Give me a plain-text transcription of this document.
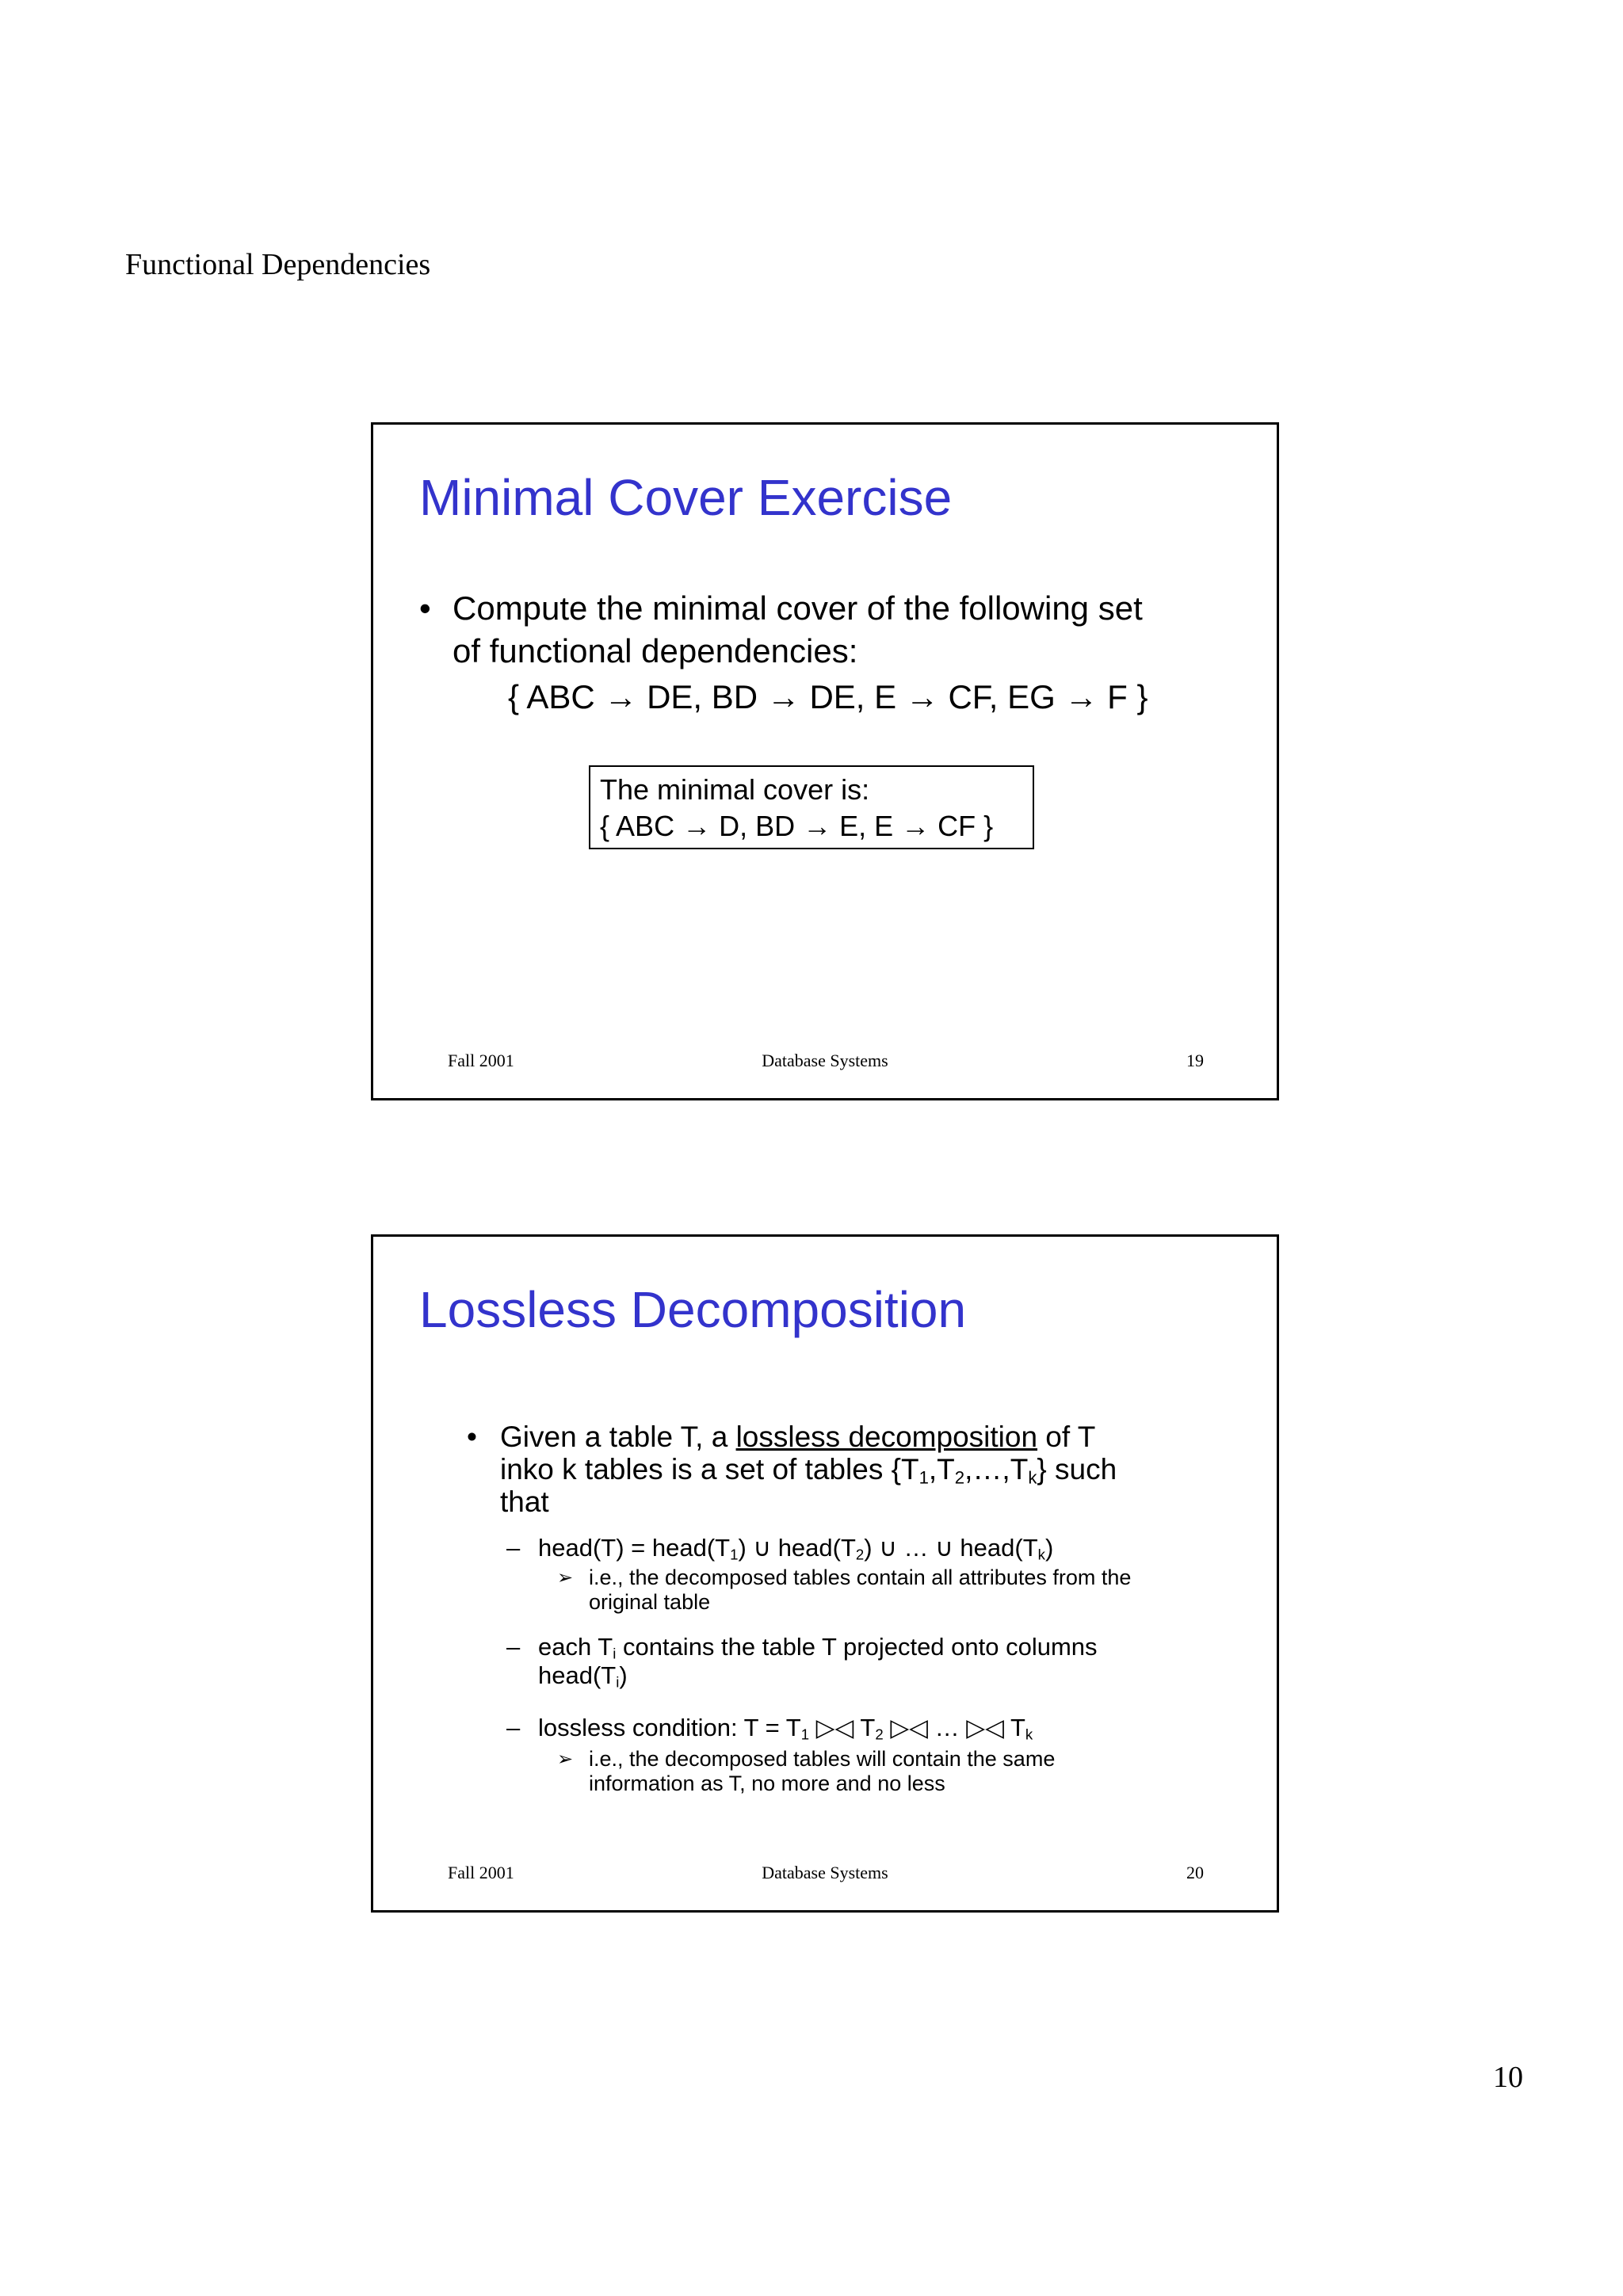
Functional Dependencies
Minimal Cover Exercise
• Compute the minimal cover of the following set
of functional dependencies:
{ ABC → DE, BD → DE, E → CF, EG → F }
The minimal cover is:
{ ABC → D, BD → E, E → CF }
Fall 2001	Database Systems	19
Lossless Decomposition
• Given a table T, a lossless decomposition of T
inko k tables is a set of tables $\{T_1,T_2,\dots,T_k\}$ such
that
– head(T) = $head(T_1)$ ∪ $head(T_2)$ ∪ … ∪ $head(T_k)$
➢ i.e., the decomposed tables contain all attributes from the
original table
– each $T_i$ contains the table T projected onto columns
$head(T_i)$
– lossless condition: $T = T_1$ ▷◁ $T_2$ ▷◁ … ▷◁ $T_k$
➢ i.e., the decomposed tables will contain the same
information as T, no more and no less
Fall 2001	Database Systems	20
10
